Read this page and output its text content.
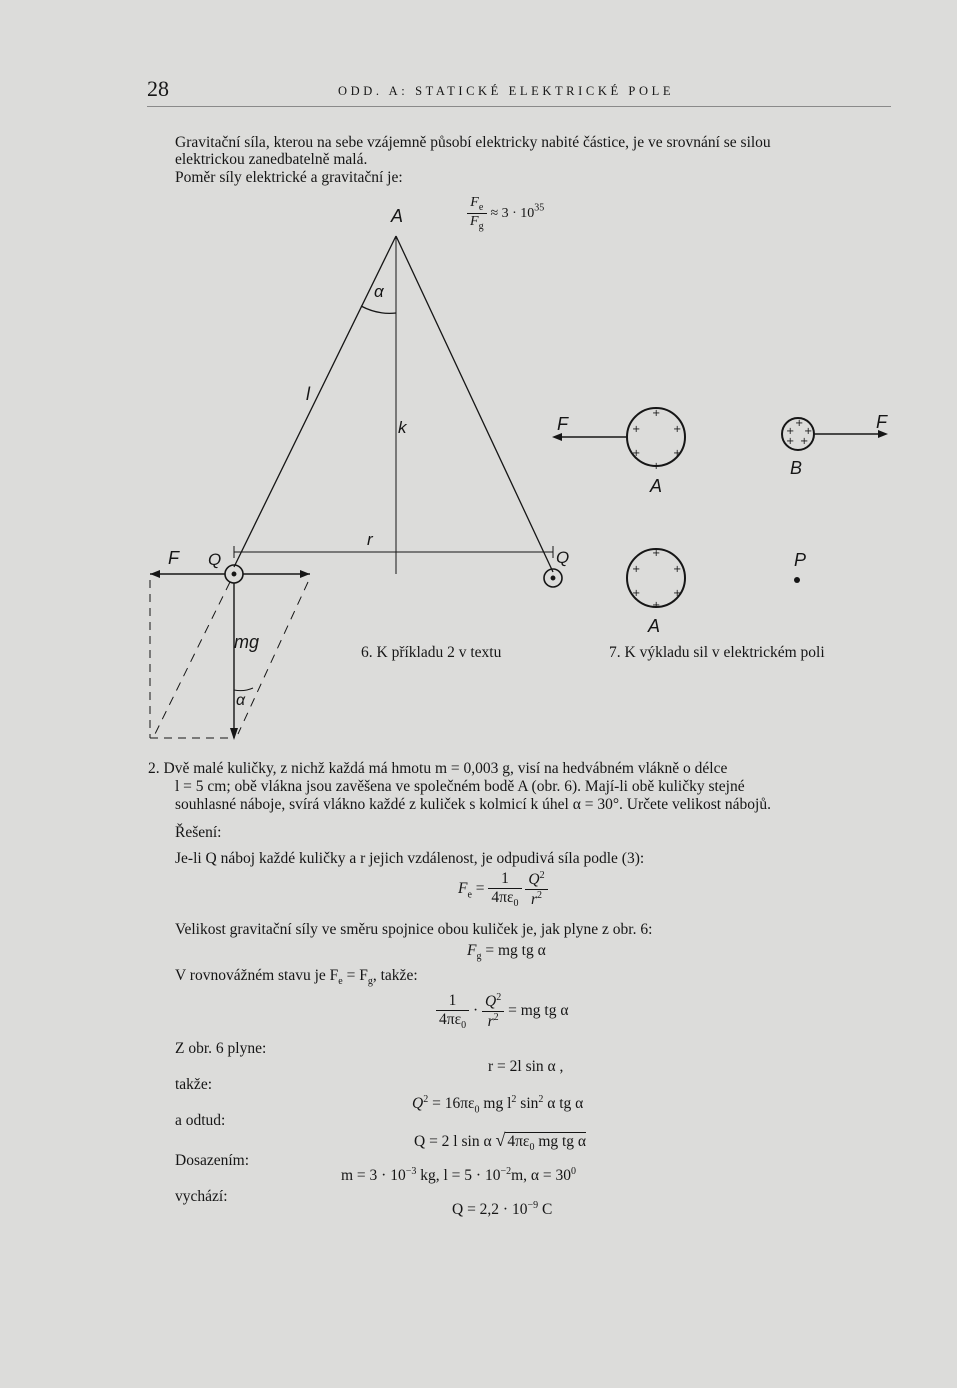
28	ODD. A: STATICKÉ ELEKTRICKÉ POLE

Gravitační síla, kterou na sebe vzájemně působí elektricky nabité částice, je ve srovnání se silou

elektrickou zanedbatelně malá.

Poměr síly elektrické a gravitační je:

$\frac{F_e}{F_g} \approx 3 \cdot 10^{35}$
+
+	+
+	+
+
+
+ +
+ +
+
+	+
+	+
+
A
α
l
k
r
F Q	Q
mg
α
6. K příkladu 2 v textu
F
A
B
F
P
A
7. K výkladu sil v elektrickém poli

2. Dvě malé kuličky, z nichž každá má hmotu m = 0,003 g, visí na hedvábném vlákně o délce

l = 5 cm; obě vlákna jsou zavěšena ve společném bodě A (obr. 6). Mají-li obě kuličky stejné

souhlasné náboje, svírá vlákno každé z kuliček s kolmicí k úhel α = 30°. Určete velikost nábojů.

Řešení:

Je-li Q náboj každé kuličky a r jejich vzdálenost, je odpudivá síla podle (3):

$F_e = \frac{1}{4\pi\varepsilon_0}$
$\frac{Q^2}{r^2}$

Velikost gravitační síly ve směru spojnice obou kuliček je, jak plyne z obr. 6:

$F_g$ = mg tg α

V rovnovážném stavu je $F_e = F_g$, takže:

$\frac{1}{4\pi\varepsilon_0} \cdot \frac{Q^2}{r^2}$ = mg tg α

Z obr. 6 plyne:

r = 2l sin α ,

takže:

$Q^2 = 16\pi\varepsilon_0$ mg $l^2$ $\sin^2 \alpha$ tg α

a odtud:

Q = 2 l sin α √ $4\pi\varepsilon_0$ mg tg α

Dosazením:

$m = 3 \cdot 10^{-3}$ kg, $l = 5 \cdot 10^{-2}m$, $\alpha = 30^0$

vychází:

$Q = 2,2 \cdot 10^{-9}$ C
